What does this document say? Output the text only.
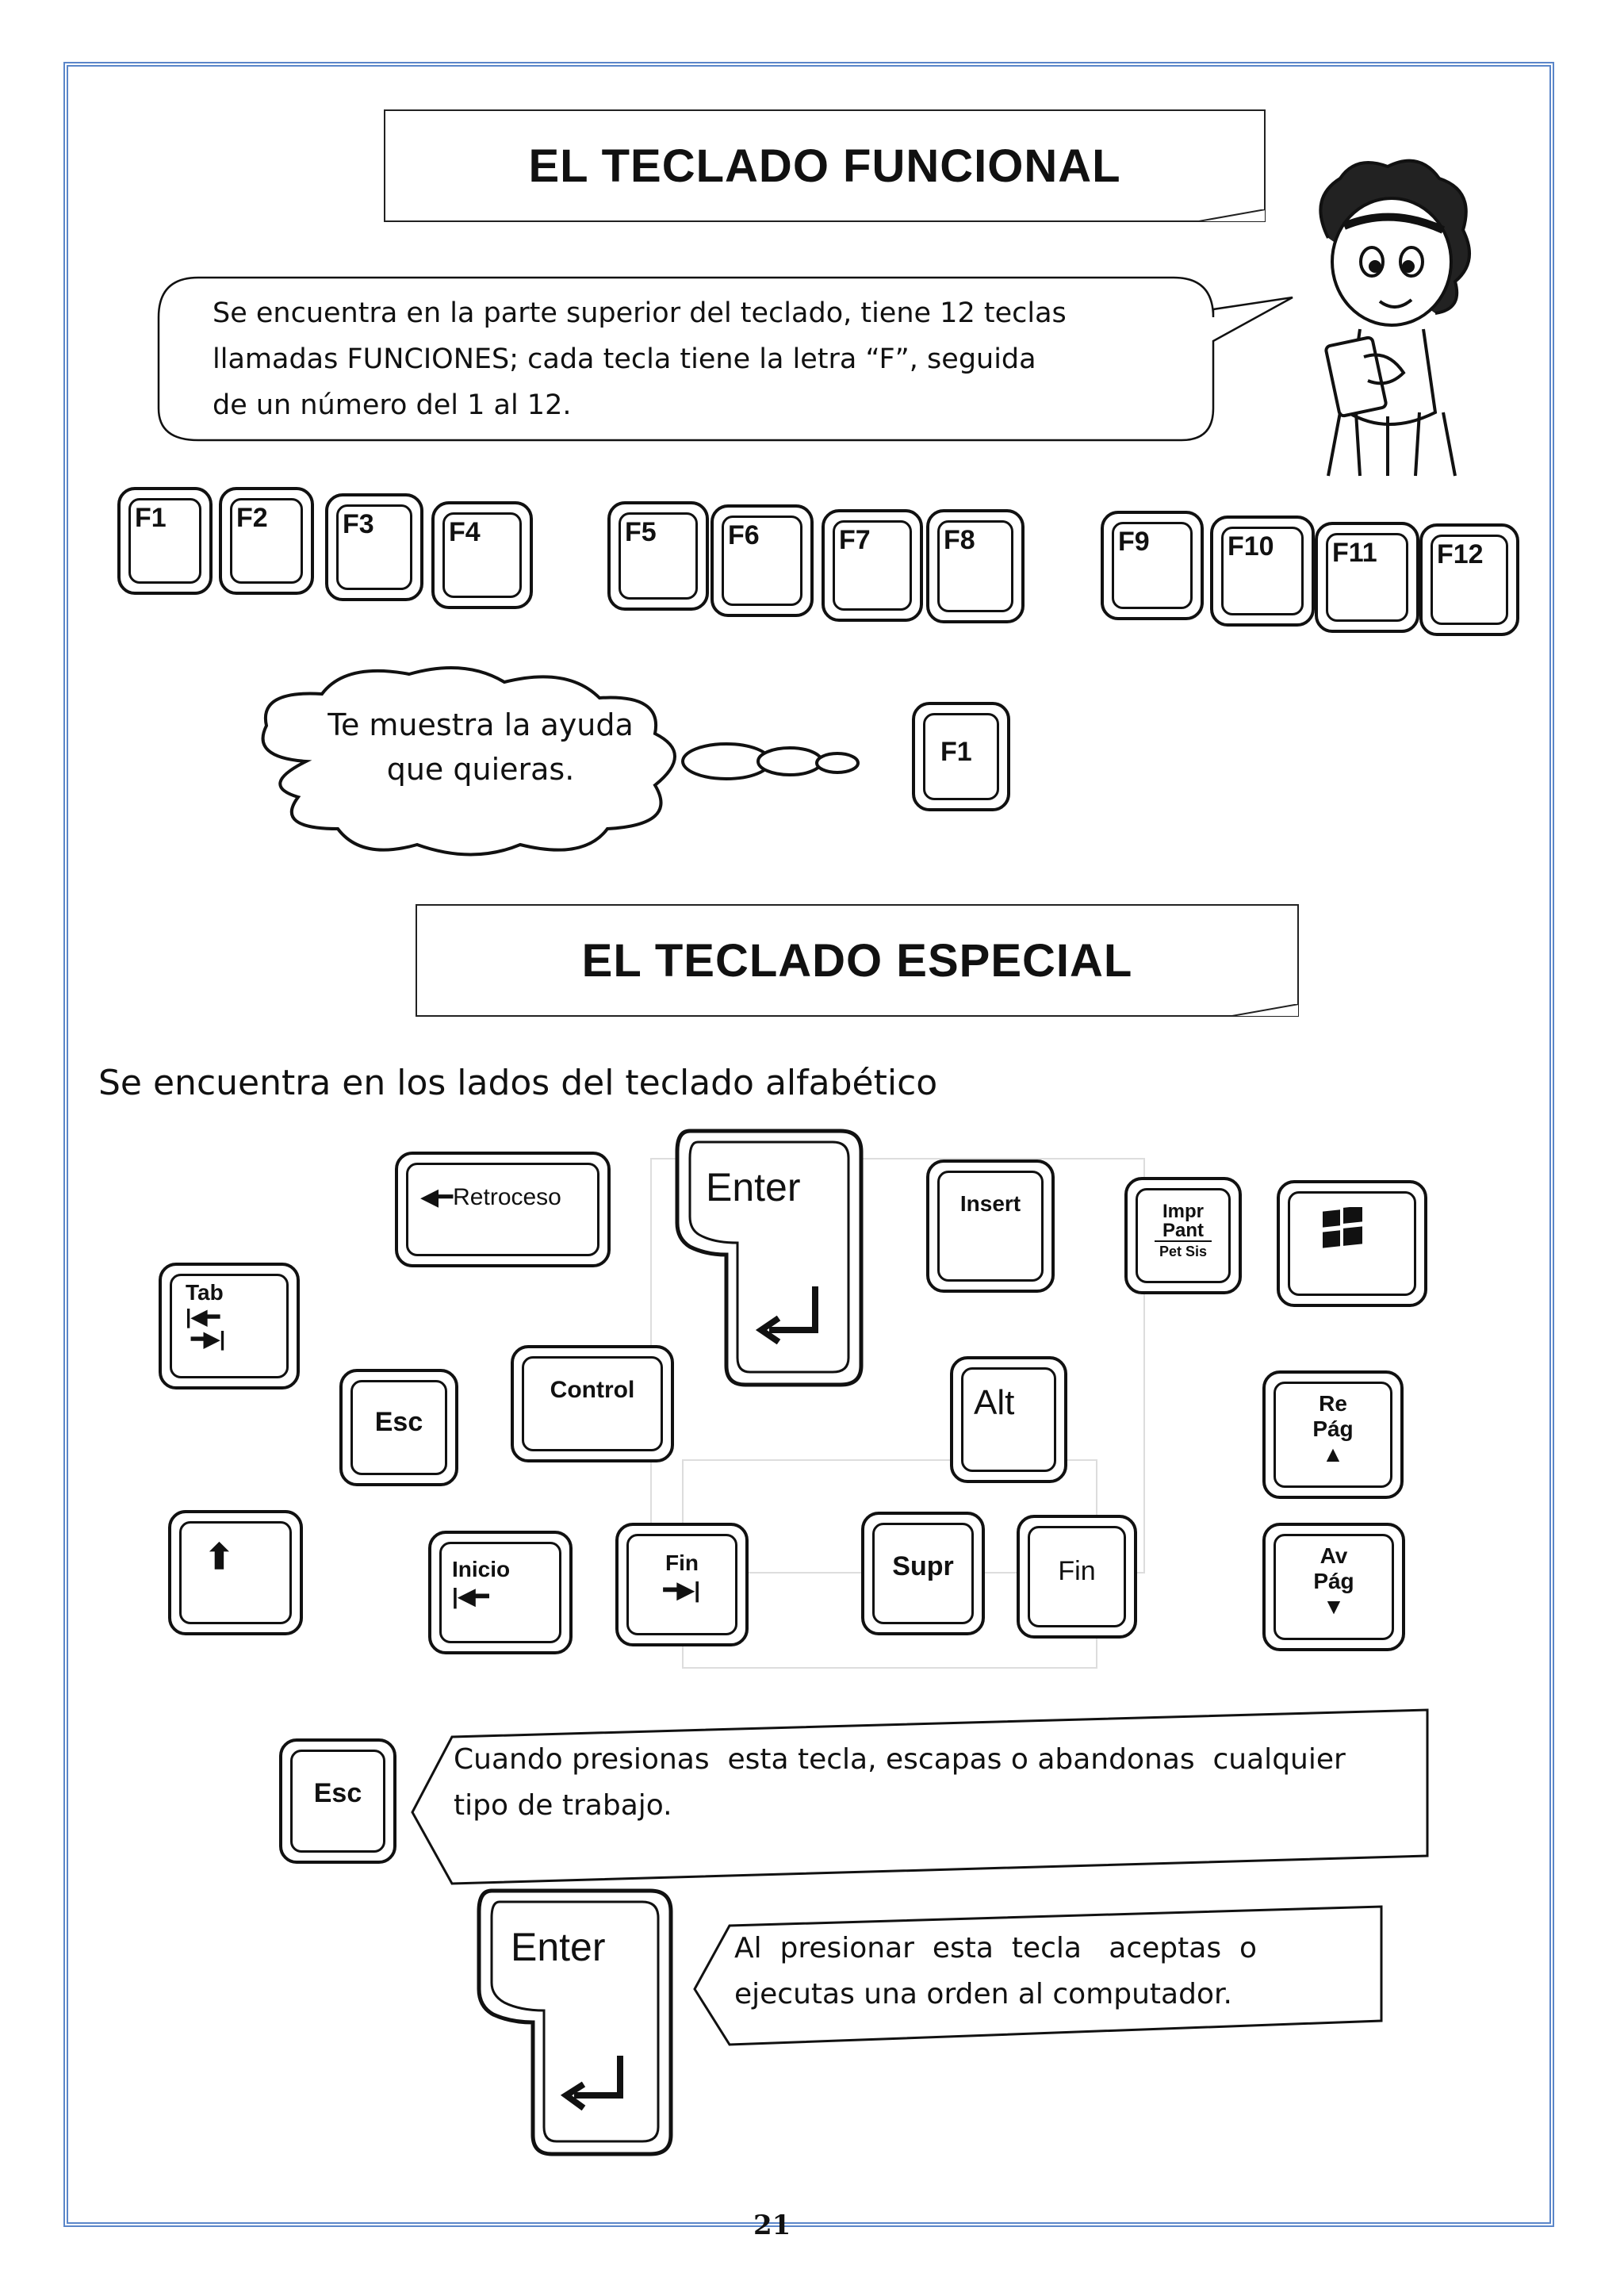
EL TECLADO FUNCIONAL
Se encuentra en la parte superior del teclado, tiene 12 teclas
llamadas FUNCIONES; cada tecla tiene la letra “F”, seguida
de un número del 1 al 12.
F1	F2	F3	F4	F5	F6	F7	F8	F9	F10 F11 F12
Te muestra la ayuda
que quieras.	F1
EL TECLADO ESPECIAL
Se encuentra en los lados del teclado alfabético
◀━Retroceso	Enter	Insert	Impr
Pant
Pet Sis
Tab
|◀━
━▶|
Esc
Control	Alt	Re
Pág
▲
⬆	Inicio
|◀━
Fin
━▶|
Supr	Fin
Av
Pág
▼
Esc
Cuando presionas  esta tecla, escapas o abandonas  cualquier
tipo de trabajo.
Enter	Al  presionar  esta  tecla   aceptas  o
ejecutas una orden al computador.
21
